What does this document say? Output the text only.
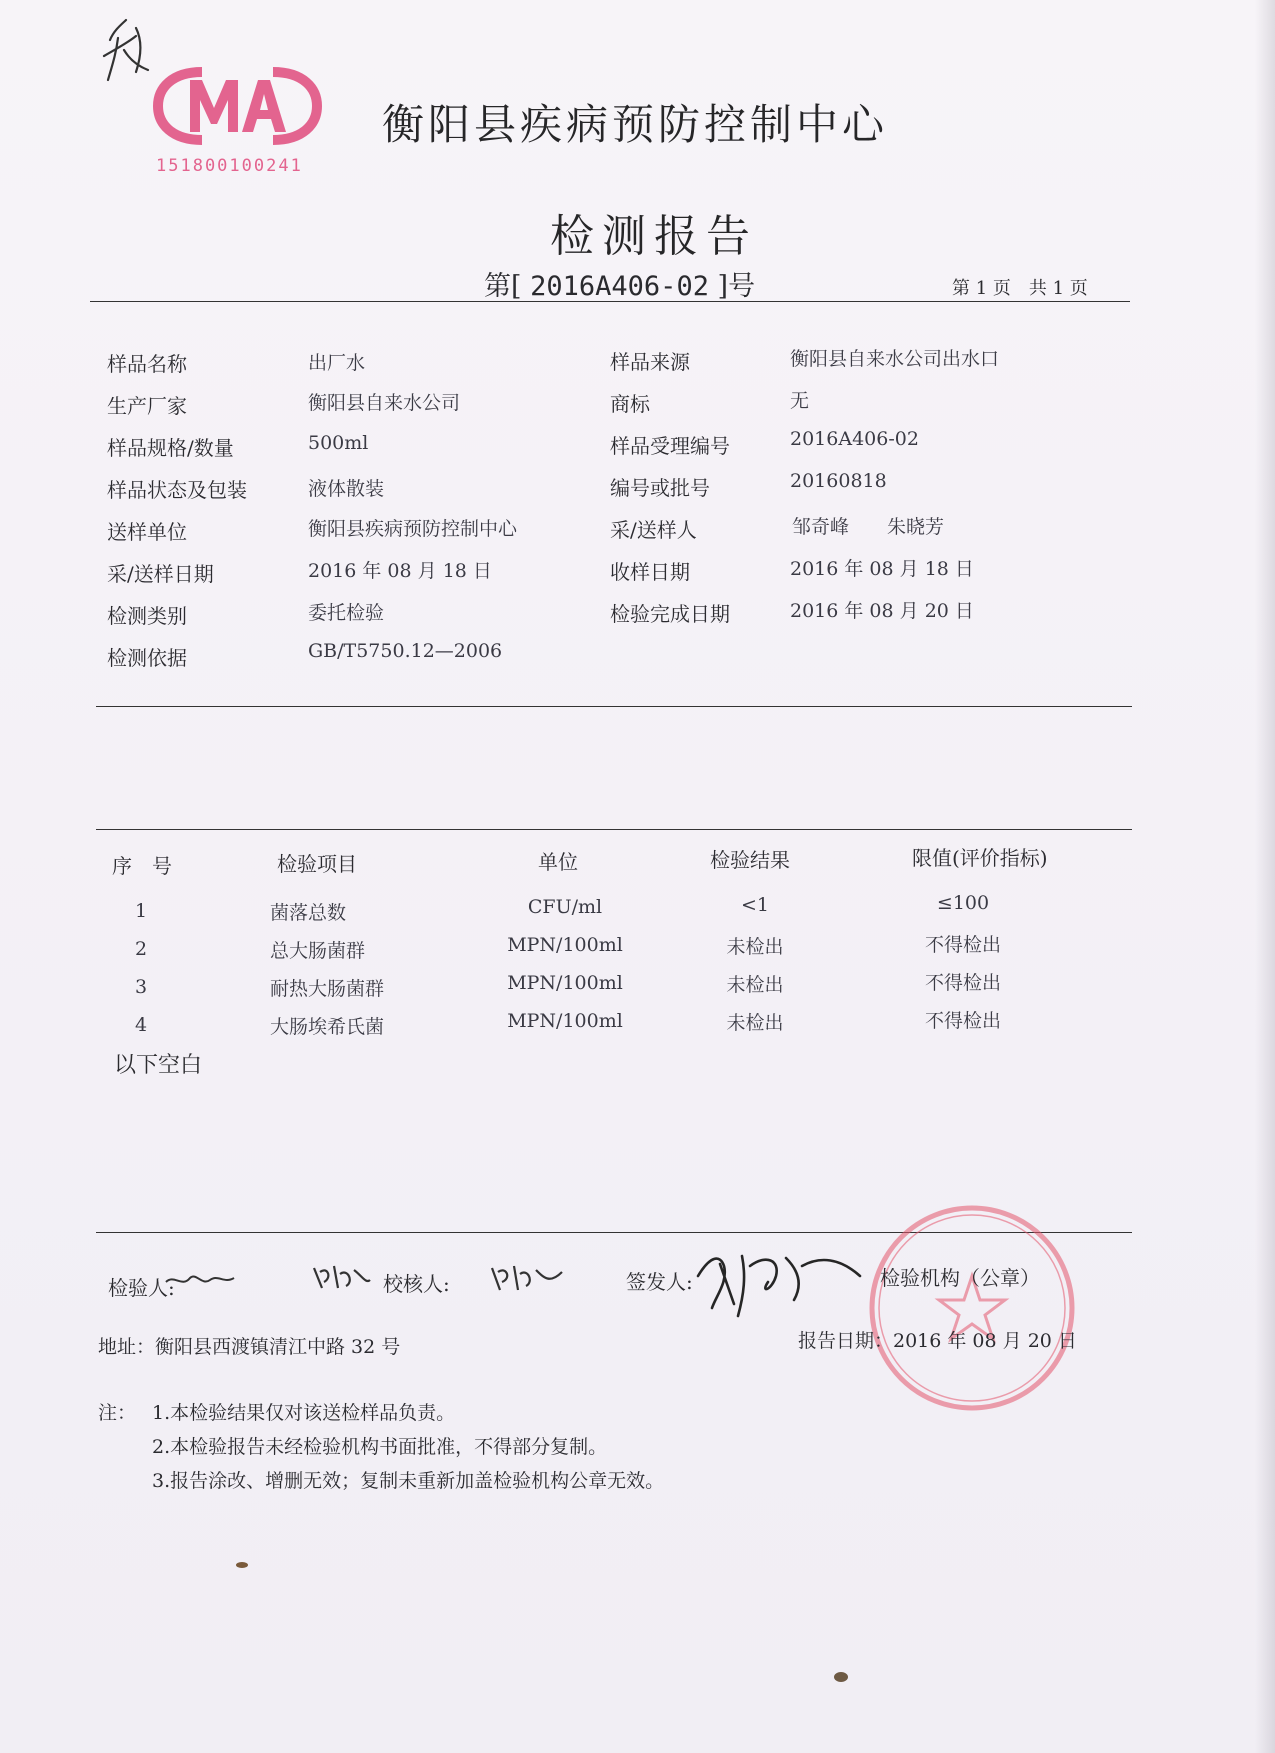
151800100241
衡阳县疾病预防控制中心
检测报告
第[ 2016A406-02 ]号	第 1 页　共 1 页
样品名称	出厂水
生产厂家	衡阳县自来水公司
样品规格/数量	500ml
样品状态及包装	液体散装
送样单位	衡阳县疾病预防控制中心
采/送样日期	2016 年 08 月 18 日
检测类别	委托检验
检测依据	GB/T5750.12—2006
样品来源	衡阳县自来水公司出水口
商标	无
样品受理编号	2016A406-02
编号或批号	20160818
采/送样人	邹奇峰　　朱晓芳
收样日期	2016 年 08 月 18 日
检验完成日期	2016 年 08 月 20 日
序　号	检验项目	单位	检验结果	限值(评价指标)
1	菌落总数	CFU/ml	<1	≤100
2	总大肠菌群	MPN/100ml	未检出	不得检出
3	耐热大肠菌群	MPN/100ml	未检出	不得检出
4	大肠埃希氏菌	MPN/100ml	未检出	不得检出
以下空白
检验人:	校核人:	签发人:	检验机构（公章）
地址：衡阳县西渡镇清江中路 32 号	报告日期：2016 年 08 月 20 日
注： 1.本检验结果仅对该送检样品负责。
2.本检验报告未经检验机构书面批准，不得部分复制。
3.报告涂改、增删无效；复制未重新加盖检验机构公章无效。
